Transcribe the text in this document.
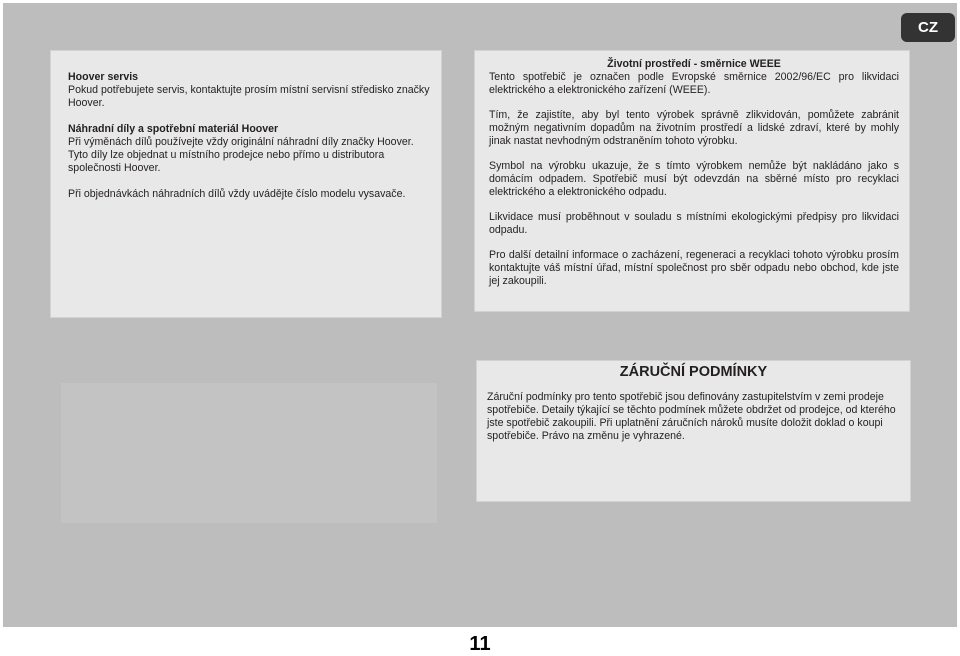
CZ

Hoover servis
Pokud potřebujete servis, kontaktujte prosím místní servisní středisko značky Hoover.

Náhradní díly a spotřební materiál Hoover
Při výměnách dílů používejte vždy originální náhradní díly značky Hoover. Tyto díly lze objednat u místního prodejce nebo přímo u distributora společnosti Hoover.

Při objednávkách náhradních dílů vždy uvádějte číslo modelu vysavače.

Životní prostředí - směrnice WEEE
Tento spotřebič je označen podle Evropské směrnice 2002/96/EC pro likvidaci elektrického a elektronického zařízení (WEEE).

Tím, že zajistíte, aby byl tento výrobek správně zlikvidován, pomůžete zabránit možným negativním dopadům na životním prostředí a lidské zdraví, které by mohly jinak nastat nevhodným odstraněním tohoto výrobku.

Symbol na výrobku ukazuje, že s tímto výrobkem nemůže být nakládáno jako s domácím odpadem. Spotřebič musí být odevzdán na sběrné místo pro recyklaci elektrického a elektronického odpadu.

Likvidace musí proběhnout v souladu s místními ekologickými předpisy pro likvidaci odpadu.

Pro další detailní informace o zacházení, regeneraci a recyklaci tohoto výrobku prosím kontaktujte váš místní úřad, místní společnost pro sběr odpadu nebo obchod, kde jste jej zakoupili.

ZÁRUČNÍ PODMÍNKY

Záruční podmínky pro tento spotřebič jsou definovány zastupitelstvím v zemi prodeje spotřebiče. Detaily týkající se těchto podmínek můžete obdržet od prodejce, od kterého jste spotřebič zakoupili. Při uplatnění záručních nároků musíte doložit doklad o koupi spotřebiče. Právo na změnu je vyhrazené.

11
